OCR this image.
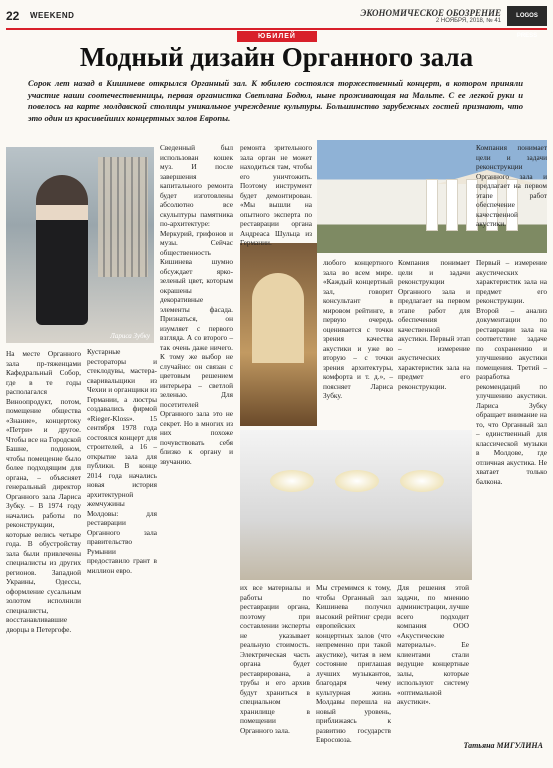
22 WEEKEND	ЭКОНОМИЧЕСКОЕ ОБОЗРЕНИЕ
2 НОЯБРЯ, 2018, № 41
LOGOS PRESS
ЮБИЛЕЙ
Модный дизайн Органного зала

Сорок лет назад в Кишиневе открылся Органный зал. К юбилею состоялся торжественный концерт, в котором приняли участие наши соотечественницы, первая органистка Светлана Бодюл, ныне проживающая на Мальте. С ее легкой руки и повелось на карте молдавской столицы уникальное учреждение культуры. Большинство зарубежных гостей признают, что это один из красивейших концертных залов Европы.

Лариса Зубку

На месте Органного зала пр-тяженцами Кафедральный Собор, где в те годы располагался Виноопродукт, потом, помещение общества «Знание», концертоку «Петри» и другое. Чтобы все на Городской Башне, подюном, чтобы помещение было более подходящим для органа, – объясняет генеральный директор Органного зала Лариса Зубку. – В 1974 году начались работы по реконструкции, которые велись четыре года. В обустройству зала были привлечены специалисты из других регионов. Западной Украины, Одессы, оформление сусальным золотом исполнили специалисты, восстанавливавшие дворцы в Петергофе.

Кустарные рестораторы и стеклодувы, мастера-сваривальщики из Чехии и органщики из Германии, а люстры создавались фирмой «Rieger-Kloss». 15 сентября 1978 года состоялся концерт для строителей, а 16 – открытие зала для публики. В конце 2014 года начались новая история архитектурной жемчужины Молдовы: для реставрации Органного зала правительство Румынии предоставило грант в миллион евро.

Сведенный был использован кошек муз. И после завершения капитального ремонта будет изготовлены абсолютно все скульптуры памятника по-архитектуре: Меркурий, грифонов и музы. Сейчас общественность Кишинева шумно обсуждает ярко-зеленый цвет, которым окрашены декоративные элементы фасада. Признаться, он изумляет с первого взгляда. А со второго – так очень даже ничего. К тому же выбор не случайно: он связан с цветовым решением интерьера – светлой зеленью. Для посетителей Органного зала это не секрет. Но в многих из них похоже почувствовать себя близко к органу и звучанию.

ремонта зрительного зала орган не может находиться там, чтобы его уничтожить. Поэтому инструмент будет демонтирован. «Мы вышли на опытного эксперта по реставрации органа Андреаса Шульца из Германии.

любого концертного зала во всем мире. «Каждый концертный зал, говорит консультант в мировом рейтинге, в первую очередь оценивается с точки зрения качества акустики и уже во вторую – с точки зрения архитектуры, комфорта и т. д.», – поясняет Лариса Зубку.

Компания понимает цели и задачи реконструкции Органного зала и предлагает на первом этапе работ для обеспечения качественной акустики. Первый этап – измерение акустических характеристик зала на предмет его реконструкции.

их все материалы и работы по реставрации органа, поэтому при составлении эксперты не указывает реальную стоимость. Электрическая часть органа будет реставрирована, а трубы и его архив будут храниться в специальном хранилище в помещении Органного зала.

Мы стремимся к тому, чтобы Органный зал Кишинева получил высокий рейтинг среди европейских концертных залов (что непременно при такой акустике), читая в нем состояние приглашая лучших музыкантов, благодаря чему культурная жизнь Молдавы перешла на новый уровень, приближаясь к развитию государств Евросоюза.

Для решения этой задачи, по мнению администрации, лучше всего подходит компания ООО «Акустические материалы». Ее клиентами стали ведущие концертные залы, которые используют систему «оптимальной акустики».

Компания понимает цели и задачи реконструкции Органного зала и предлагает на первом этапе работ обеспечение качественной акустики.

Первый – измерение акустических характеристик зала на предмет его реконструкции. Второй – анализ документации по реставрации зала на соответствие задаче по сохранению и улучшению акустики помещения. Третий – разработка рекомендаций по улучшению акустики. Лариса Зубку обращает внимание на то, что Органный зал – единственный для классической музыки в Молдове, где отличная акустика. Не хватает только балкона.

Татьяна МИГУЛИНА
